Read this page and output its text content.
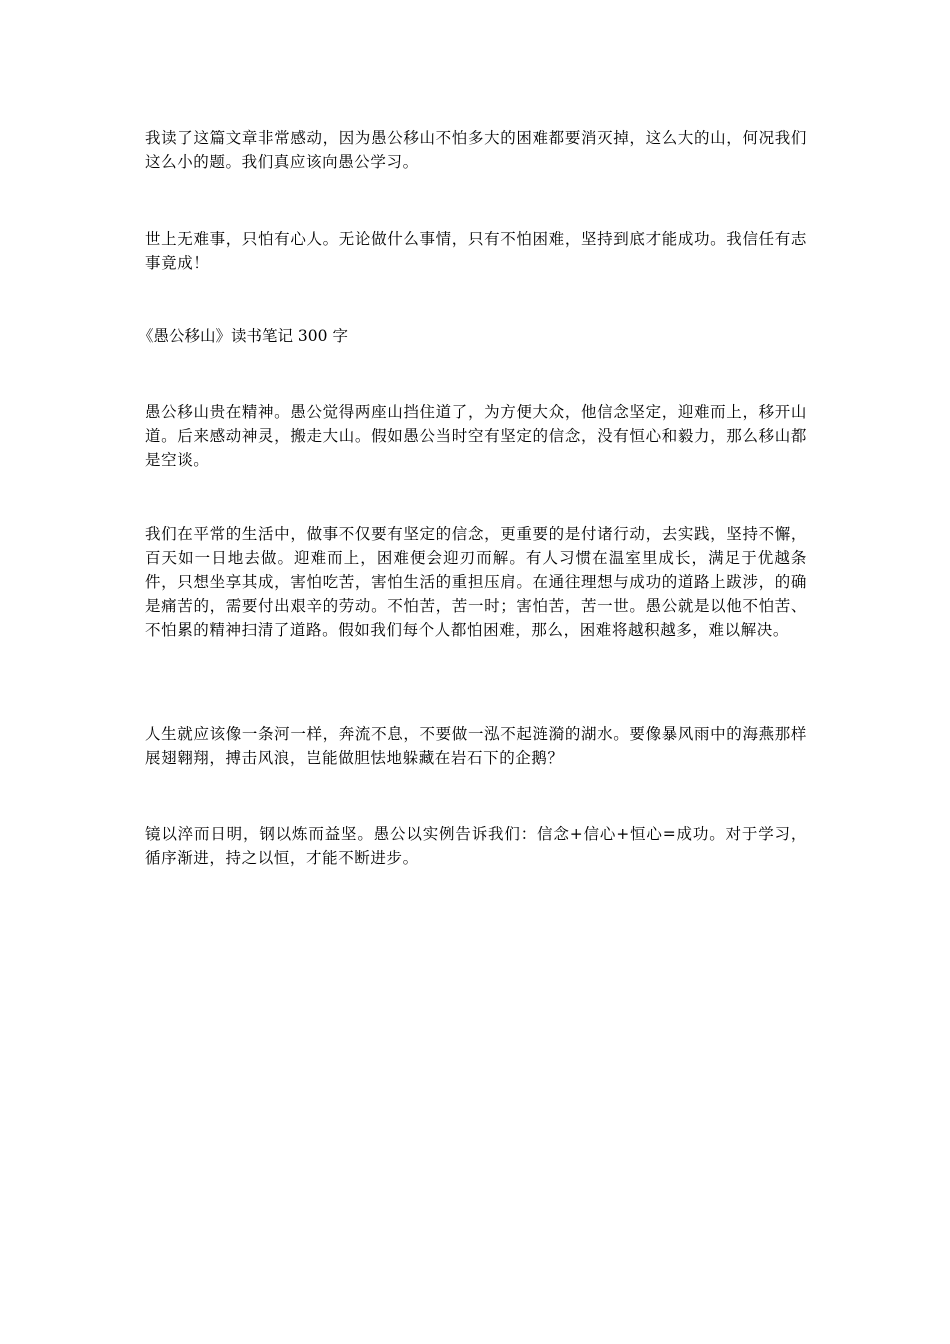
我读了这篇文章非常感动，因为愚公移山不怕多大的困难都要消灭掉，这么大的山，何况我们这么小的题。我们真应该向愚公学习。

世上无难事，只怕有心人。无论做什么事情，只有不怕困难，坚持到底才能成功。我信任有志事竟成！

《愚公移山》读书笔记 300 字

愚公移山贵在精神。愚公觉得两座山挡住道了，为方便大众，他信念坚定，迎难而上，移开山道。后来感动神灵，搬走大山。假如愚公当时空有坚定的信念，没有恒心和毅力，那么移山都是空谈。

我们在平常的生活中，做事不仅要有坚定的信念，更重要的是付诸行动，去实践，坚持不懈，百天如一日地去做。迎难而上，困难便会迎刃而解。有人习惯在温室里成长，满足于优越条件，只想坐享其成，害怕吃苦，害怕生活的重担压肩。在通往理想与成功的道路上跋涉，的确是痛苦的，需要付出艰辛的劳动。不怕苦，苦一时；害怕苦，苦一世。愚公就是以他不怕苦、不怕累的精神扫清了道路。假如我们每个人都怕困难，那么，困难将越积越多，难以解决。

人生就应该像一条河一样，奔流不息，不要做一泓不起涟漪的湖水。要像暴风雨中的海燕那样展翅翱翔，搏击风浪，岂能做胆怯地躲藏在岩石下的企鹅？

镜以淬而日明，钢以炼而益坚。愚公以实例告诉我们：信念+信心+恒心=成功。对于学习，循序渐进，持之以恒，才能不断进步。
